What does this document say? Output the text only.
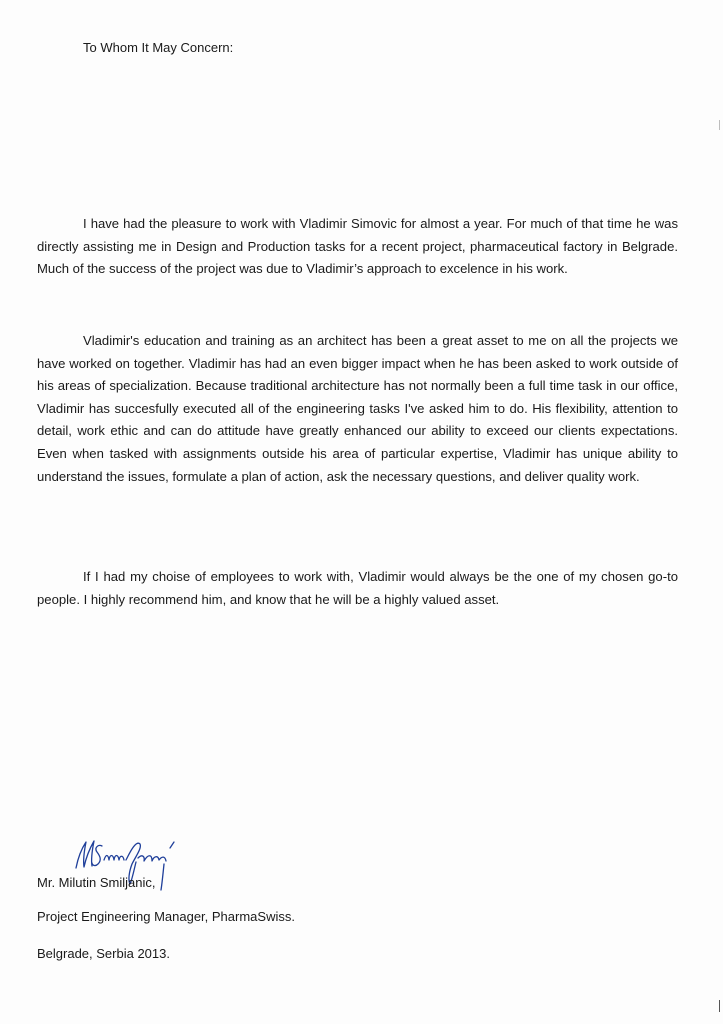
To Whom It May Concern:

I have had the pleasure to work with Vladimir Simovic for almost a year. For much of that time he was directly assisting me in Design and Production tasks for a recent project, pharmaceutical factory in Belgrade. Much of the success of the project was due to Vladimir’s approach to excelence in his work.

Vladimir's education and training as an architect has been a great asset to me on all the projects we have worked on together. Vladimir has had an even bigger impact when he has been asked to work outside of his areas of specialization. Because traditional architecture has not normally been a full time task in our office, Vladimir has succesfully executed all of the engineering tasks I've asked him to do. His flexibility, attention to detail, work ethic and can do attitude have greatly enhanced our ability to exceed our clients expectations. Even when tasked with assignments outside his area of particular expertise, Vladimir has unique ability to understand the issues, formulate a plan of action, ask the necessary questions, and deliver quality work.

If I had my choise of employees to work with, Vladimir would always be the one of my chosen go-to people. I highly recommend him, and know that he will be a highly valued asset.

Mr. Milutin Smiljanic,

Project Engineering Manager, PharmaSwiss.

Belgrade, Serbia 2013.
